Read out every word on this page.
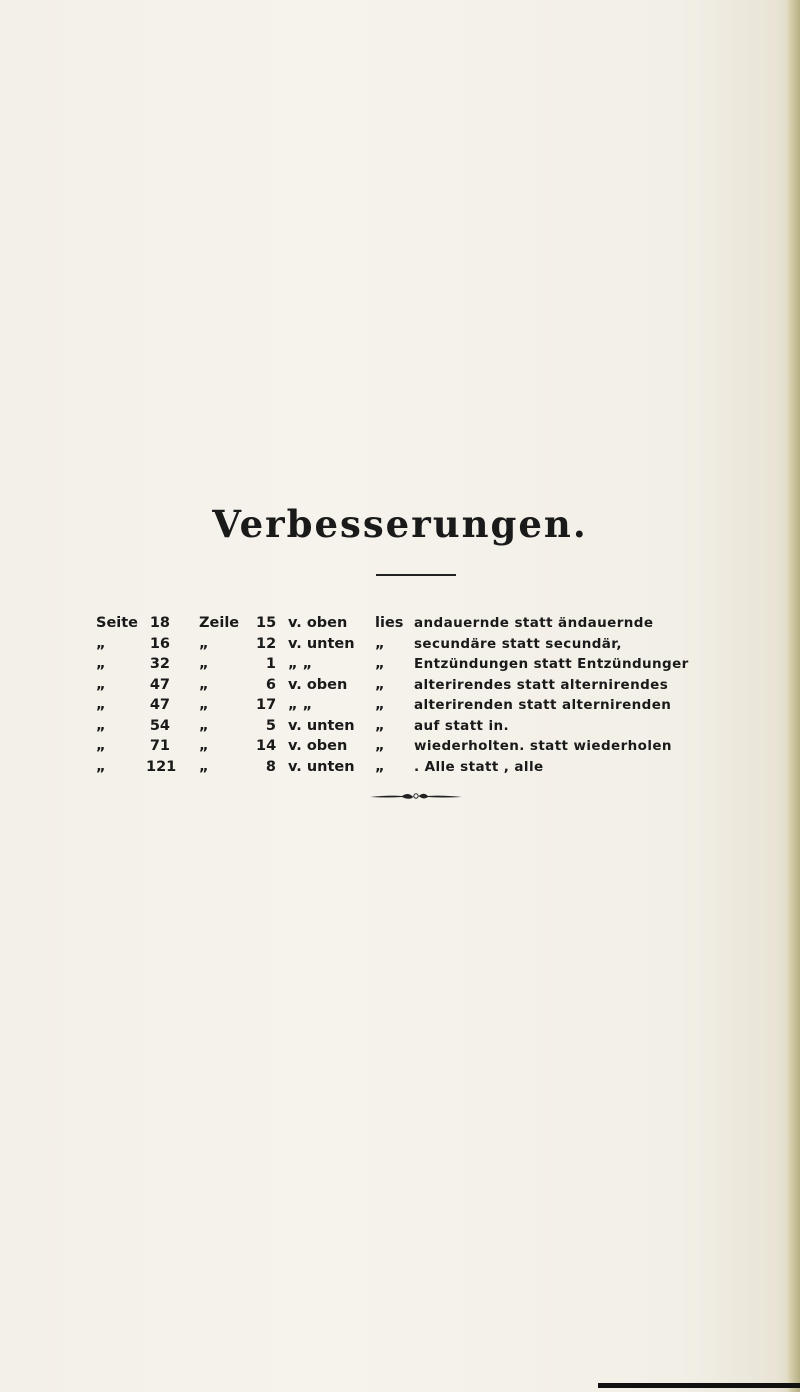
Verbesserungen.
Seite 18 Zeile 15 v. oben lies andauernde statt ändauernde
„	16 „	12 v. unten „ secundäre statt secundär,
„	32 „	1 „ „	„ Entzündungen statt Entzündunger
„	47 „	6 v. oben „ alterirendes statt alternirendes
„	47 „	17 „ „	„ alterirenden statt alternirenden
„	54 „	5 v. unten „ auf statt in.
„	71 „	14 v. oben „ wiederholten. statt wiederholen
„	121 „	8 v. unten „ . Alle statt , alle
